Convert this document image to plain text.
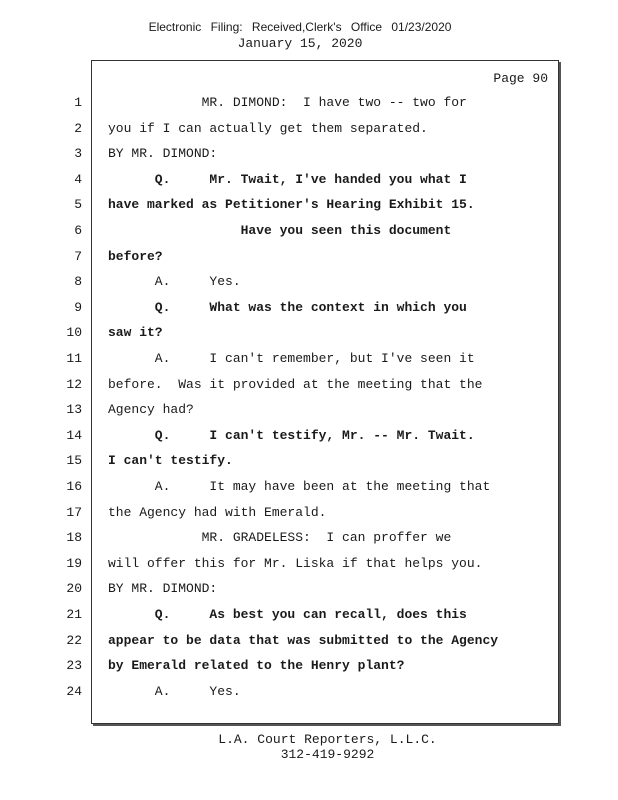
Electronic Filing: Received,Clerk's Office 01/23/2020
January 15, 2020
Page 90
1 MR. DIMOND:  I have two -- two for
2 you if I can actually get them separated.
3 BY MR. DIMOND:
4 Q.     Mr. Twait, I've handed you what I
5 have marked as Petitioner's Hearing Exhibit 15.
6 Have you seen this document
7 before?
8 A.     Yes.
9 Q.     What was the context in which you
10 saw it?
11 A.     I can't remember, but I've seen it
12 before.  Was it provided at the meeting that the
13 Agency had?
14 Q.     I can't testify, Mr. -- Mr. Twait.
15 I can't testify.
16 A.     It may have been at the meeting that
17 the Agency had with Emerald.
18 MR. GRADELESS:  I can proffer we
19 will offer this for Mr. Liska if that helps you.
20 BY MR. DIMOND:
21 Q.     As best you can recall, does this
22 appear to be data that was submitted to the Agency
23 by Emerald related to the Henry plant?
24 A.     Yes.
L.A. Court Reporters, L.L.C.
312-419-9292
